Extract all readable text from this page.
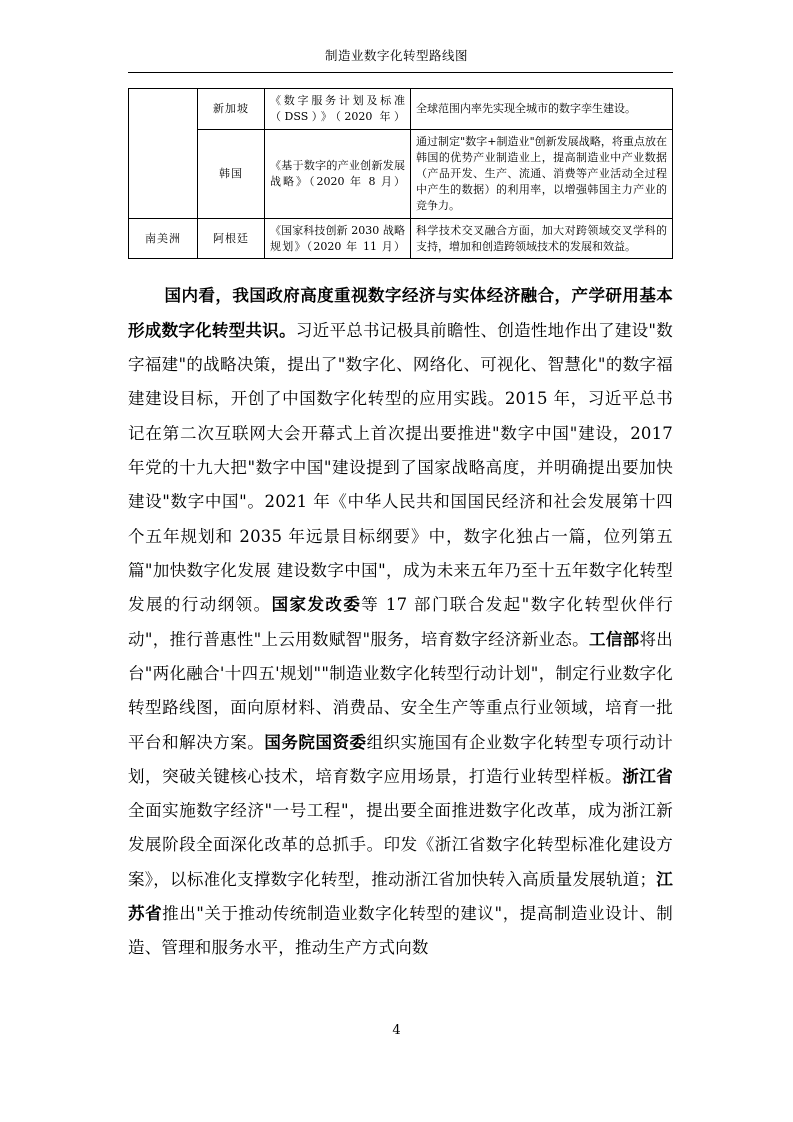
制造业数字化转型路线图
	新加坡	《数字服务计划及标准（DSS）》（2020 年）	全球范围内率先实现全城市的数字孪生建设。
	韩国	《基于数字的产业创新发展战略》（2020 年 8 月）	通过制定"数字+制造业"创新发展战略，将重点放在韩国的优势产业制造业上，提高制造业中产业数据（产品开发、生产、流通、消费等产业活动全过程中产生的数据）的利用率，以增强韩国主力产业的竞争力。
南美洲	阿根廷	《国家科技创新 2030 战略规划》（2020 年 11 月）	科学技术交叉融合方面，加大对跨领域交叉学科的支持，增加和创造跨领域技术的发展和效益。

国内看，我国政府高度重视数字经济与实体经济融合，产学研用基本形成数字化转型共识。习近平总书记极具前瞻性、创造性地作出了建设"数字福建"的战略决策，提出了"数字化、网络化、可视化、智慧化"的数字福建建设目标，开创了中国数字化转型的应用实践。2015 年，习近平总书记在第二次互联网大会开幕式上首次提出要推进"数字中国"建设，2017 年党的十九大把"数字中国"建设提到了国家战略高度，并明确提出要加快建设"数字中国"。2021 年《中华人民共和国国民经济和社会发展第十四个五年规划和 2035 年远景目标纲要》中，数字化独占一篇，位列第五篇"加快数字化发展 建设数字中国"，成为未来五年乃至十五年数字化转型发展的行动纲领。国家发改委等 17 部门联合发起"数字化转型伙伴行动"，推行普惠性"上云用数赋智"服务，培育数字经济新业态。工信部将出台"两化融合'十四五'规划""制造业数字化转型行动计划"，制定行业数字化转型路线图，面向原材料、消费品、安全生产等重点行业领域，培育一批平台和解决方案。国务院国资委组织实施国有企业数字化转型专项行动计划，突破关键核心技术，培育数字应用场景，打造行业转型样板。浙江省全面实施数字经济"一号工程"，提出要全面推进数字化改革，成为浙江新发展阶段全面深化改革的总抓手。印发《浙江省数字化转型标准化建设方案》，以标准化支撑数字化转型，推动浙江省加快转入高质量发展轨道；江苏省推出"关于推动传统制造业数字化转型的建议"，提高制造业设计、制造、管理和服务水平，推动生产方式向数

4
